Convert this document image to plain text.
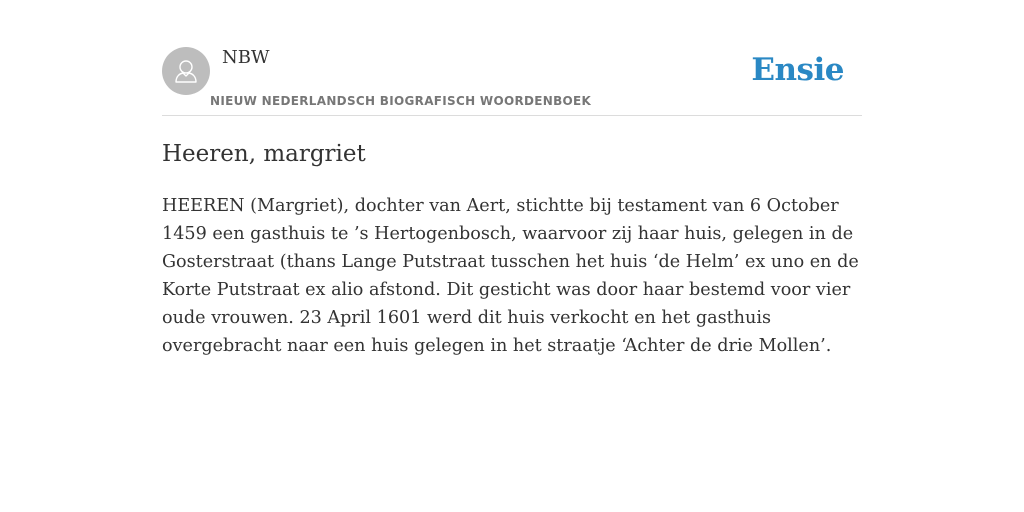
NBW
NIEUW NEDERLANDSCH BIOGRAFISCH WOORDENBOEK
Ensie
Heeren, margriet

HEEREN (Margriet), dochter van Aert, stichtte bij testament van 6 October 1459 een gasthuis te ’s Hertogenbosch, waarvoor zij haar huis, gelegen in de Gosterstraat (thans Lange Putstraat tusschen het huis ‘de Helm’ ex uno en de Korte Putstraat ex alio afstond. Dit gesticht was door haar bestemd voor vier oude vrouwen. 23 April 1601 werd dit huis verkocht en het gasthuis overgebracht naar een huis gelegen in het straatje ‘Achter de drie Mollen’.
